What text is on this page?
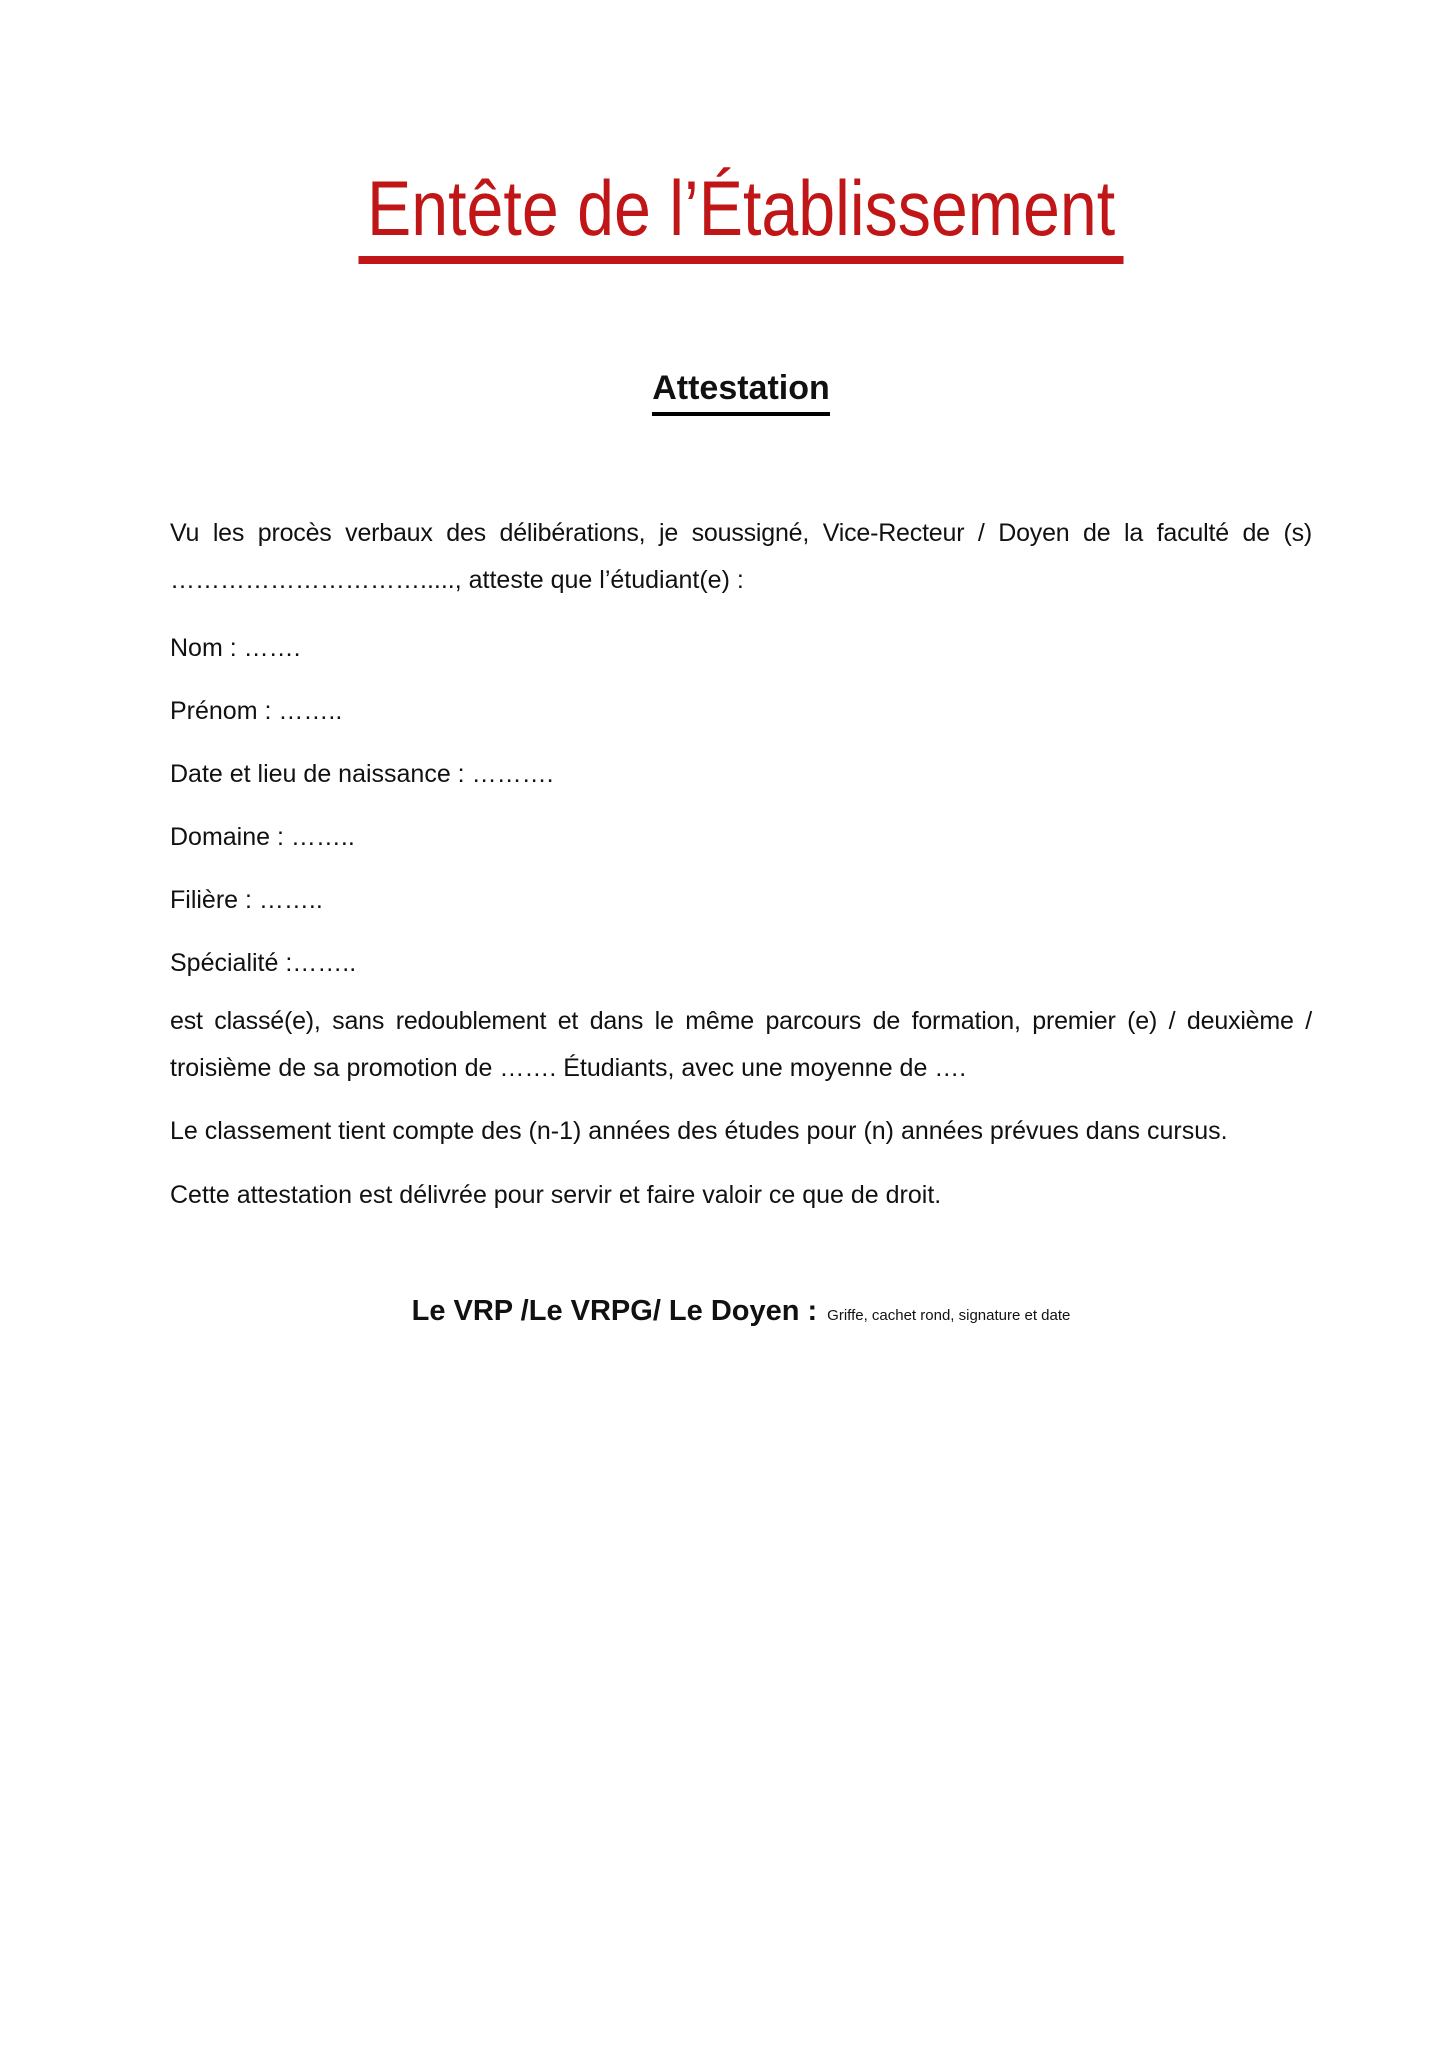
Entête de l’Établissement
Attestation
Vu les procès verbaux des délibérations, je soussigné, Vice-Recteur / Doyen de la faculté de (s)
…………………………....., atteste que l’étudiant(e) :
Nom : …….
Prénom : ……..
Date et lieu de naissance : ……….
Domaine : ……..
Filière : ……..
Spécialité :……..
est classé(e), sans redoublement et dans le même parcours de formation, premier (e) / deuxième /
troisième de sa promotion de ……. Étudiants, avec une moyenne de ….
Le classement tient compte des (n-1) années des études pour (n) années prévues dans cursus.
Cette attestation est délivrée pour servir et faire valoir ce que de droit.
Le VRP /Le VRPG/ Le Doyen : Griffe, cachet rond, signature et date
